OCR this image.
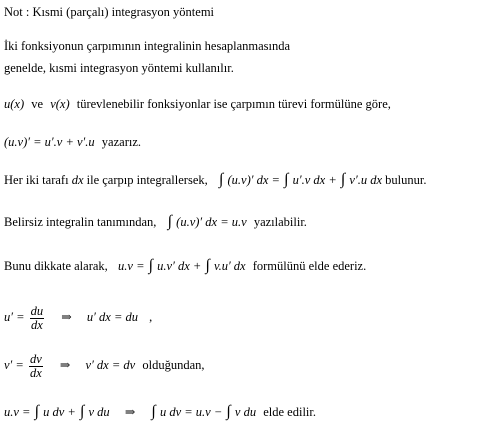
Not : Kısmi (parçalı) integrasyon yöntemi
İki fonksiyonun çarpımının integralinin hesaplanmasında
genelde, kısmi integrasyon yöntemi kullanılır.
u(x) ve v(x) türevlenebilir fonksiyonlar ise çarpımın türevi formülüne göre,
(u.v)′ = u′.v + v′.u yazarız.
Her iki tarafı dx ile çarpıp integrallersek, ∫ (u.v)′ dx = ∫ u′.v dx + ∫ v′.u dx bulunur.
Belirsiz integralin tanımından, ∫ (u.v)′ dx = u.v yazılabilir.
Bunu dikkate alarak, u.v = ∫ u.v′ dx + ∫ v.u′ dx formülünü elde ederiz.
$u' = \frac{du}{dx}$ ⇒ u′ dx = du ,
$v' = \frac{dv}{dx}$ ⇒ v′ dx = dv olduğundan,
u.v = ∫ u dv + ∫ v du ⇒ ∫ u dv = u.v − ∫ v du elde edilir.
